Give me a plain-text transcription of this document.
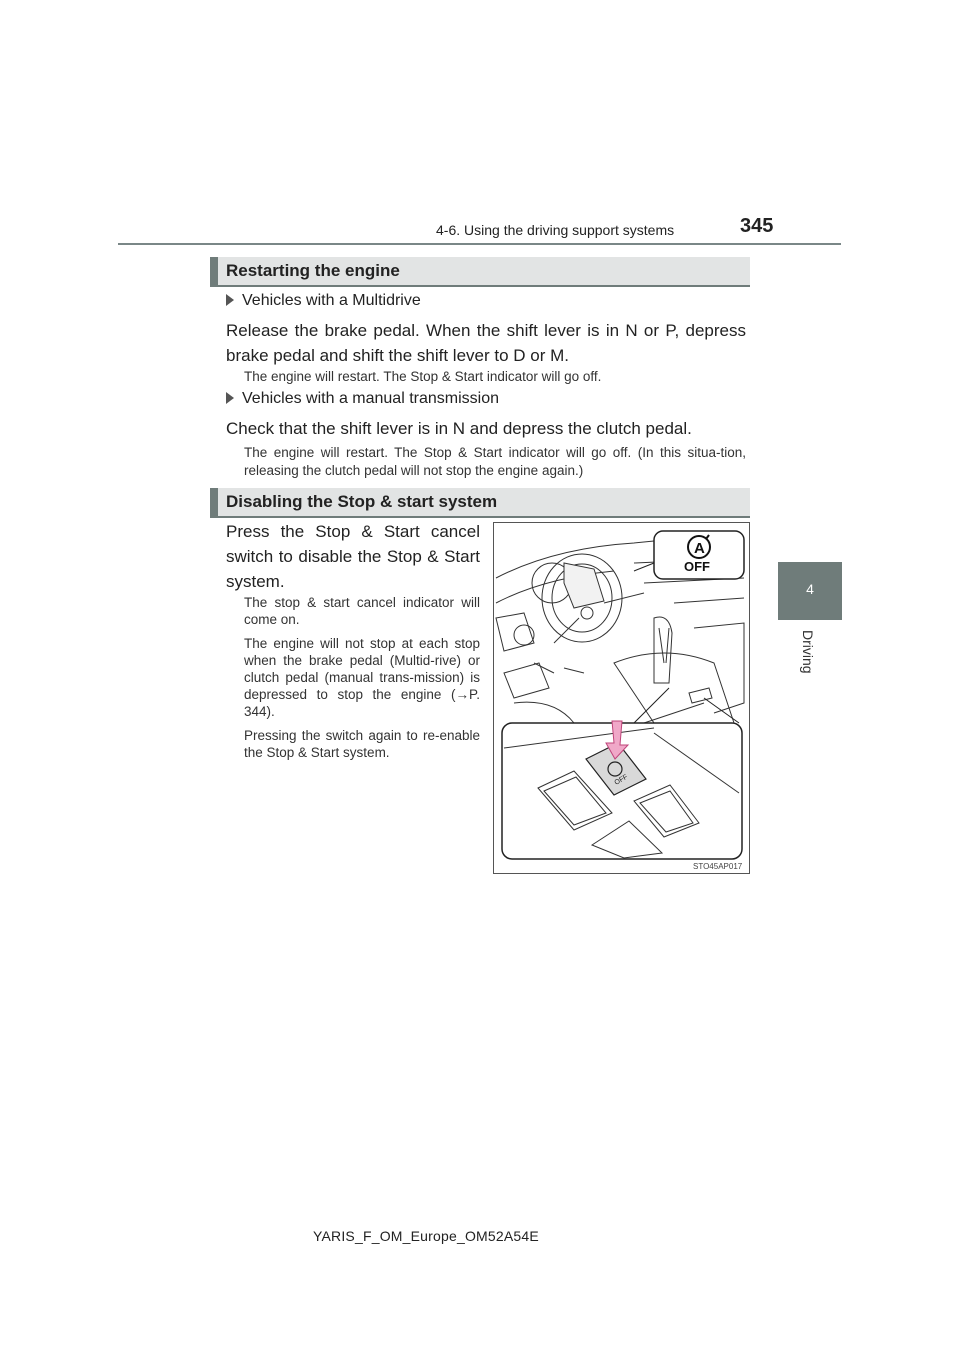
4-6. Using the driving support systems	345
4
Driving
Restarting the engine
Vehicles with a Multidrive
Release the brake pedal. When the shift lever is in N or P, depress brake pedal and shift the shift lever to D or M.
The engine will restart. The Stop & Start indicator will go off.
Vehicles with a manual transmission
Check that the shift lever is in N and depress the clutch pedal.
The engine will restart. The Stop & Start indicator will go off. (In this situa-tion, releasing the clutch pedal will not stop the engine again.)
Disabling the Stop & start system
Press the Stop & Start cancel switch to disable the Stop & Start system.
The stop & start cancel indicator will come on.
The engine will not stop at each stop when the brake pedal (Multid-rive) or clutch pedal (manual trans-mission) is depressed to stop the engine (→P. 344).
Pressing the switch again to re-enable the Stop & Start system.
A
OFF
OFF
STO45AP017
YARIS_F_OM_Europe_OM52A54E
